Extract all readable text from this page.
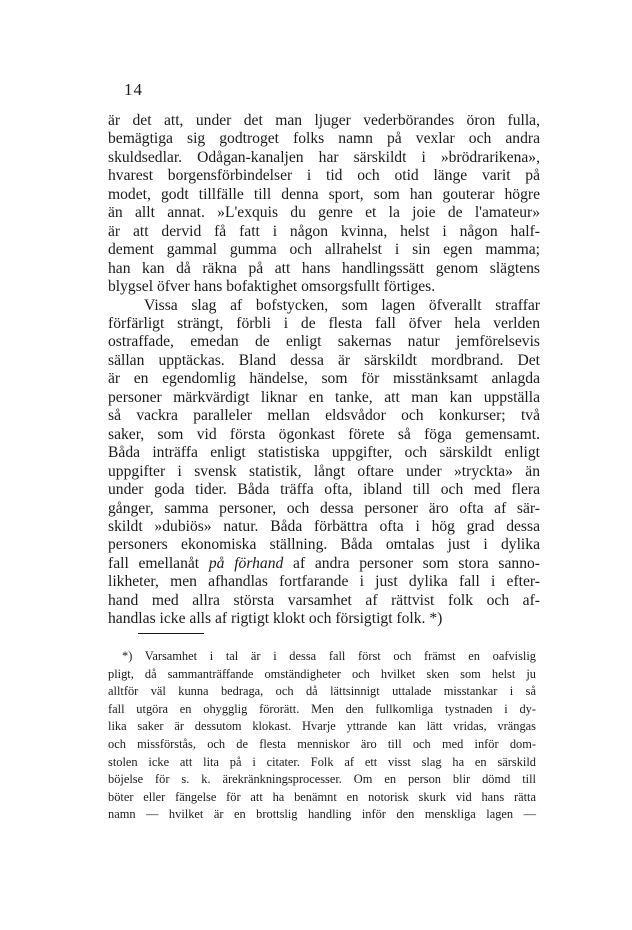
14
är det att, under det man ljuger vederbörandes öron fulla,
bemägtiga sig godtroget folks namn på vexlar och andra
skuldsedlar. Odågan-kanaljen har särskildt i »brödrarikena»,
hvarest borgensförbindelser i tid och otid länge varit på
modet, godt tillfälle till denna sport, som han gouterar högre
än allt annat. »L'exquis du genre et la joie de l'amateur»
är att dervid få fatt i någon kvinna, helst i någon half-
dement gammal gumma och allrahelst i sin egen mamma;
han kan då räkna på att hans handlingssätt genom slägtens
blygsel öfver hans bofaktighet omsorgsfullt förtiges.
Vissa slag af bofstycken, som lagen öfverallt straffar
förfärligt strängt, förbli i de flesta fall öfver hela verlden
ostraffade, emedan de enligt sakernas natur jemförelsevis
sällan upptäckas. Bland dessa är särskildt mordbrand. Det
är en egendomlig händelse, som för misstänksamt anlagda
personer märkvärdigt liknar en tanke, att man kan uppställa
så vackra paralleler mellan eldsvådor och konkurser; två
saker, som vid första ögonkast förete så föga gemensamt.
Båda inträffa enligt statistiska uppgifter, och särskildt enligt
uppgifter i svensk statistik, långt oftare under »tryckta» än
under goda tider. Båda träffa ofta, ibland till och med flera
gånger, samma personer, och dessa personer äro ofta af sär-
skildt »dubiös» natur. Båda förbättra ofta i hög grad dessa
personers ekonomiska ställning. Båda omtalas just i dylika
fall emellanåt på förhand af andra personer som stora sanno-
likheter, men afhandlas fortfarande i just dylika fall i efter-
hand med allra största varsamhet af rättvist folk och af-
handlas icke alls af rigtigt klokt och försigtigt folk. *)
*) Varsamhet i tal är i dessa fall först och främst en oafvislig
pligt, då sammanträffande omständigheter och hvilket sken som helst ju
alltför väl kunna bedraga, och då lättsinnigt uttalade misstankar i så
fall utgöra en ohygglig förorätt. Men den fullkomliga tystnaden i dy-
lika saker är dessutom klokast. Hvarje yttrande kan lätt vridas, vrängas
och missförstås, och de flesta menniskor äro till och med inför dom-
stolen icke att lita på i citater. Folk af ett visst slag ha en särskild
böjelse för s. k. ärekränkningsprocesser. Om en person blir dömd till
böter eller fängelse för att ha benämnt en notorisk skurk vid hans rätta
namn — hvilket är en brottslig handling inför den menskliga lagen —
